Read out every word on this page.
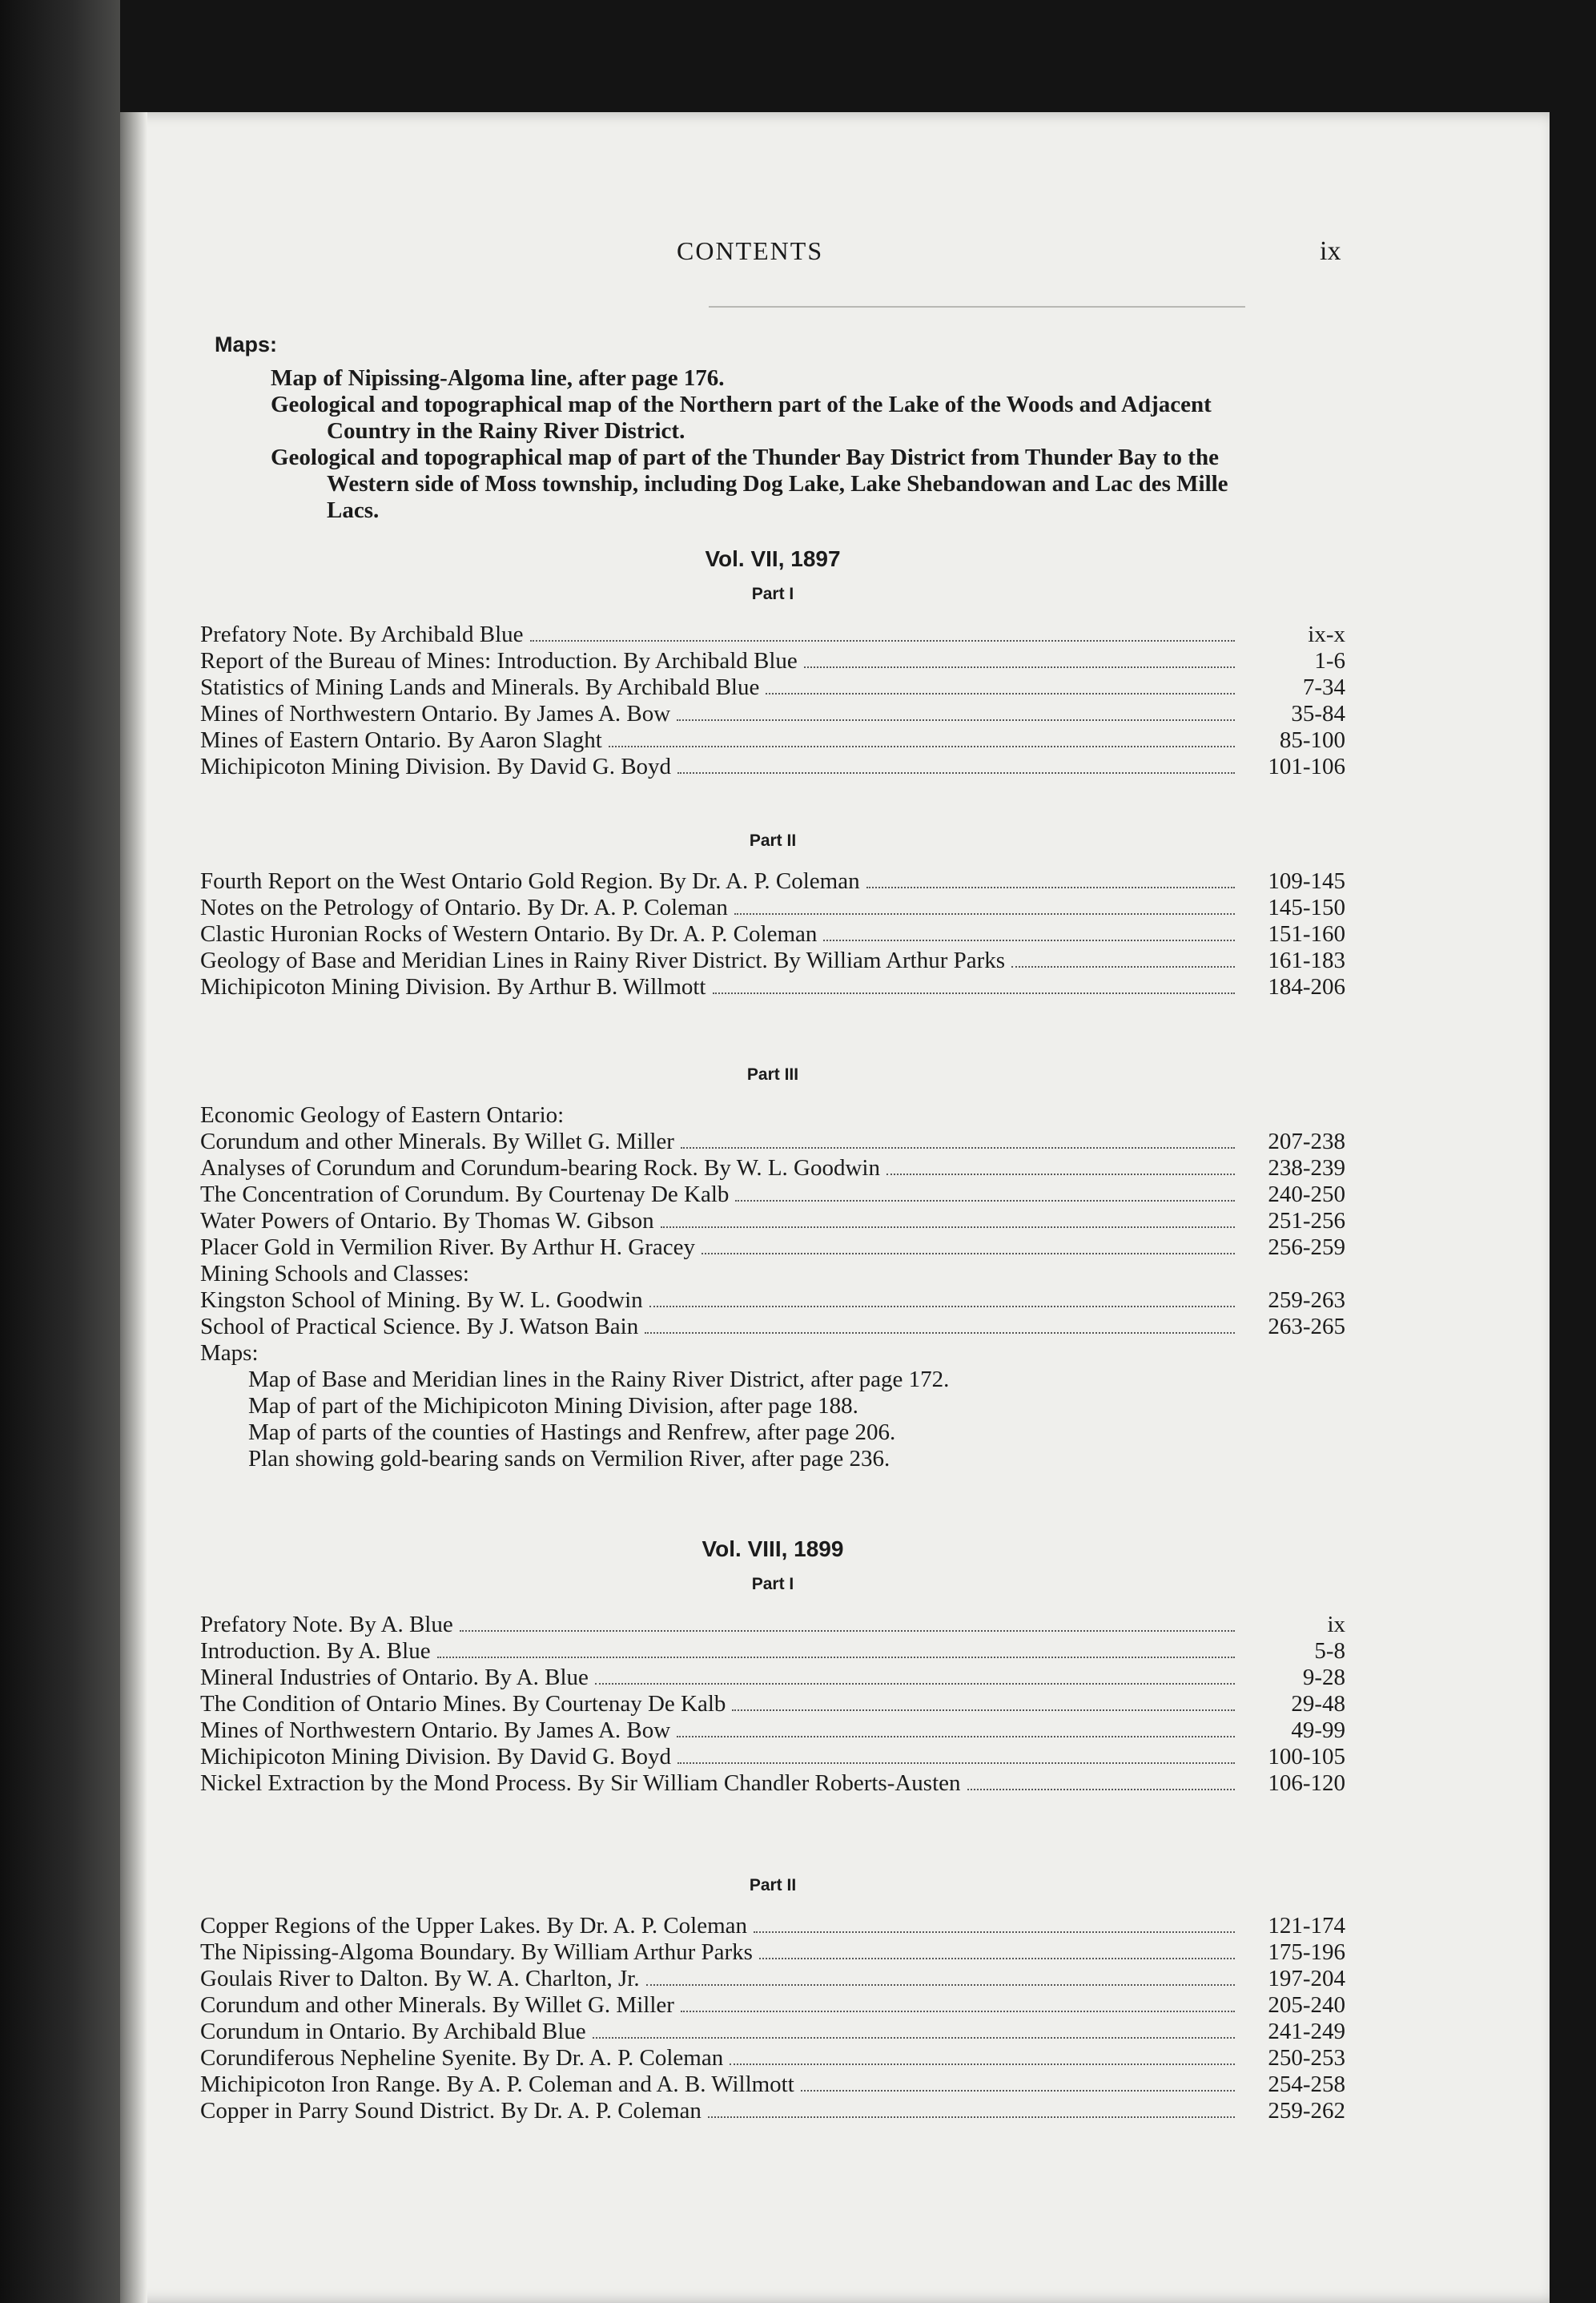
CONTENTS	ix
Maps:
Map of Nipissing-Algoma line, after page 176.
Geological and topographical map of the Northern part of the Lake of the Woods and Adjacent Country in the Rainy River District.
Geological and topographical map of part of the Thunder Bay District from Thunder Bay to the Western side of Moss township, including Dog Lake, Lake Shebandowan and Lac des Mille Lacs.
Vol. VII, 1897
Part I
Prefatory Note. By Archibald Blue	ix-x
Report of the Bureau of Mines: Introduction. By Archibald Blue	1-6
Statistics of Mining Lands and Minerals. By Archibald Blue	7-34
Mines of Northwestern Ontario. By James A. Bow	35-84
Mines of Eastern Ontario. By Aaron Slaght	85-100
Michipicoton Mining Division. By David G. Boyd	101-106
Part II
Fourth Report on the West Ontario Gold Region. By Dr. A. P. Coleman	109-145
Notes on the Petrology of Ontario. By Dr. A. P. Coleman	145-150
Clastic Huronian Rocks of Western Ontario. By Dr. A. P. Coleman	151-160
Geology of Base and Meridian Lines in Rainy River District. By William Arthur Parks	161-183
Michipicoton Mining Division. By Arthur B. Willmott	184-206
Part III
Economic Geology of Eastern Ontario:
Corundum and other Minerals. By Willet G. Miller	207-238
Analyses of Corundum and Corundum-bearing Rock. By W. L. Goodwin	238-239
The Concentration of Corundum. By Courtenay De Kalb	240-250
Water Powers of Ontario. By Thomas W. Gibson	251-256
Placer Gold in Vermilion River. By Arthur H. Gracey	256-259
Mining Schools and Classes:
Kingston School of Mining. By W. L. Goodwin	259-263
School of Practical Science. By J. Watson Bain	263-265
Maps:
Map of Base and Meridian lines in the Rainy River District, after page 172.
Map of part of the Michipicoton Mining Division, after page 188.
Map of parts of the counties of Hastings and Renfrew, after page 206.
Plan showing gold-bearing sands on Vermilion River, after page 236.
Vol. VIII, 1899
Part I
Prefatory Note. By A. Blue	ix
Introduction. By A. Blue	5-8
Mineral Industries of Ontario. By A. Blue	9-28
The Condition of Ontario Mines. By Courtenay De Kalb	29-48
Mines of Northwestern Ontario. By James A. Bow	49-99
Michipicoton Mining Division. By David G. Boyd	100-105
Nickel Extraction by the Mond Process. By Sir William Chandler Roberts-Austen	106-120
Part II
Copper Regions of the Upper Lakes. By Dr. A. P. Coleman	121-174
The Nipissing-Algoma Boundary. By William Arthur Parks	175-196
Goulais River to Dalton. By W. A. Charlton, Jr.	197-204
Corundum and other Minerals. By Willet G. Miller	205-240
Corundum in Ontario. By Archibald Blue	241-249
Corundiferous Nepheline Syenite. By Dr. A. P. Coleman	250-253
Michipicoton Iron Range. By A. P. Coleman and A. B. Willmott	254-258
Copper in Parry Sound District. By Dr. A. P. Coleman	259-262
